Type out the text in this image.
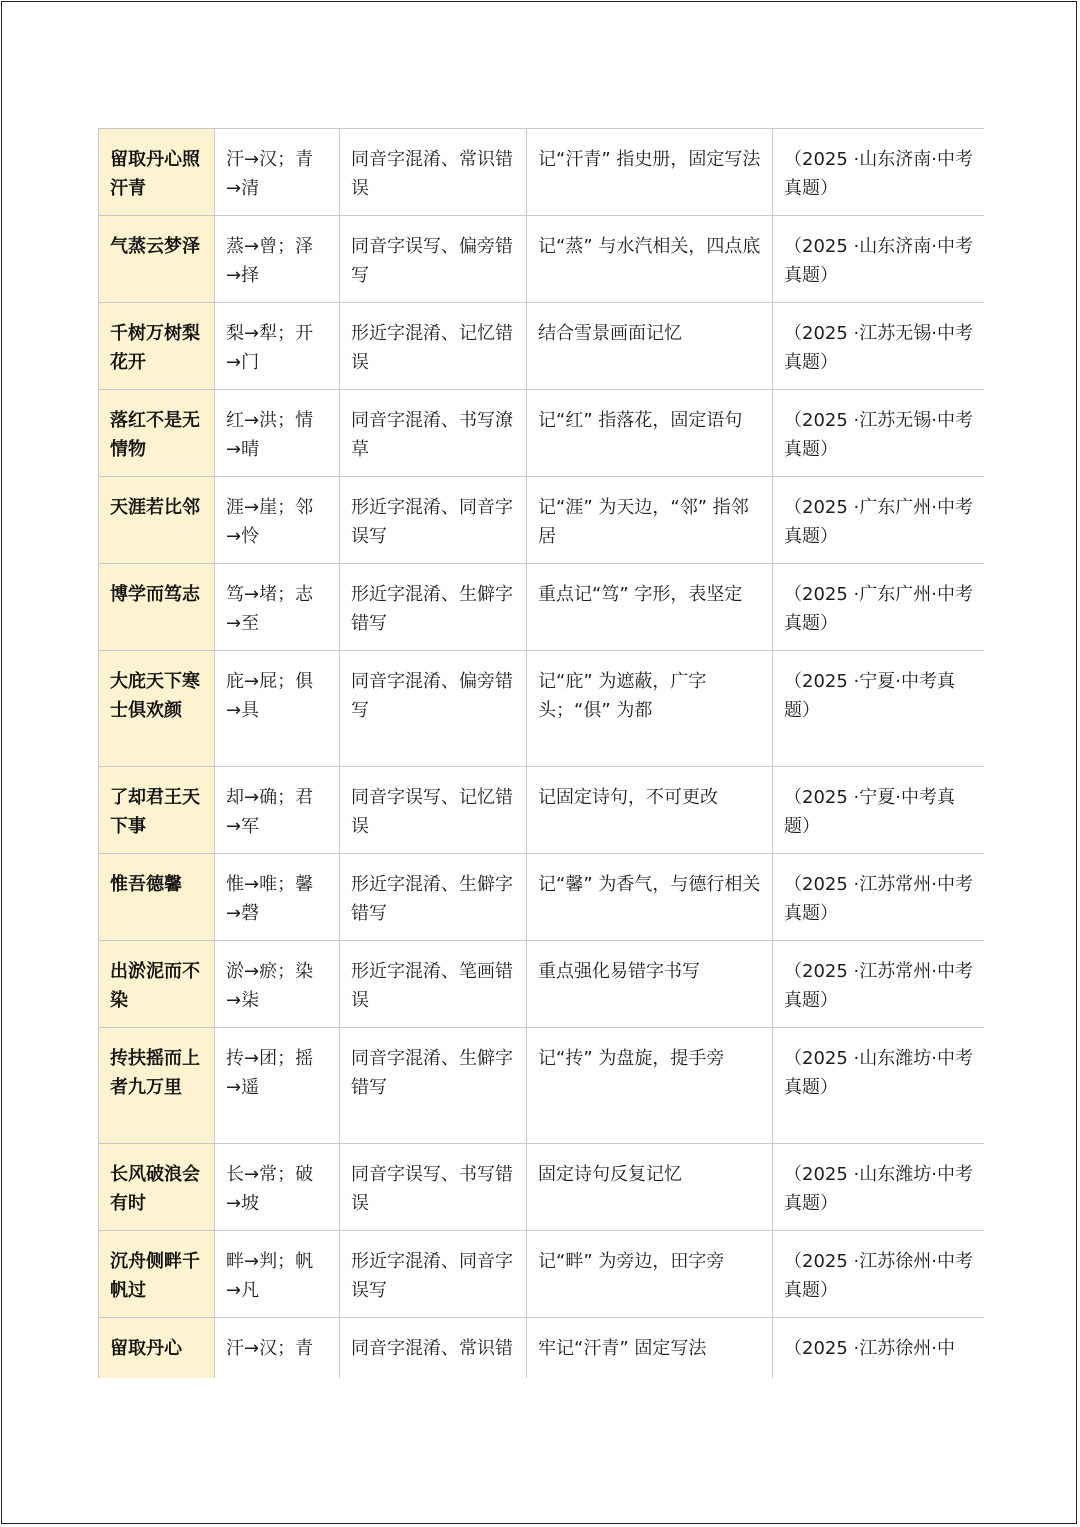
留取丹心照汗青	汗→汉；青→清	同音字混淆、常识错误	记“汗青” 指史册，固定写法	（2025 ·山东济南·中考真题）
气蒸云梦泽	蒸→曾；泽→择	同音字误写、偏旁错写	记“蒸” 与水汽相关，四点底	（2025 ·山东济南·中考真题）
千树万树梨花开	梨→犁；开→门	形近字混淆、记忆错误	结合雪景画面记忆	（2025 ·江苏无锡·中考真题）
落红不是无情物	红→洪；情→晴	同音字混淆、书写潦草	记“红” 指落花，固定语句	（2025 ·江苏无锡·中考真题）
天涯若比邻	涯→崖；邻→怜	形近字混淆、同音字误写	记“涯” 为天边，“邻” 指邻居	（2025 ·广东广州·中考真题）
博学而笃志	笃→堵；志→至	形近字混淆、生僻字错写	重点记“笃” 字形，表坚定	（2025 ·广东广州·中考真题）
大庇天下寒士俱欢颜	庇→屁；俱→具	同音字混淆、偏旁错写	记“庇” 为遮蔽，广字头；“俱” 为都	（2025 ·宁夏·中考真题）
了却君王天下事	却→确；君→军	同音字误写、记忆错误	记固定诗句，不可更改	（2025 ·宁夏·中考真题）
惟吾德馨	惟→唯；馨→磬	形近字混淆、生僻字错写	记“馨” 为香气，与德行相关	（2025 ·江苏常州·中考真题）
出淤泥而不染	淤→瘀；染→柒	形近字混淆、笔画错误	重点强化易错字书写	（2025 ·江苏常州·中考真题）
抟扶摇而上者九万里	抟→团；摇→遥	同音字混淆、生僻字错写	记“抟” 为盘旋，提手旁	（2025 ·山东潍坊·中考真题）
长风破浪会有时	长→常；破→坡	同音字误写、书写错误	固定诗句反复记忆	（2025 ·山东潍坊·中考真题）
沉舟侧畔千帆过	畔→判；帆→凡	形近字混淆、同音字误写	记“畔” 为旁边，田字旁	（2025 ·江苏徐州·中考真题）
留取丹心	汗→汉；青	同音字混淆、常识错	牢记“汗青” 固定写法	（2025 ·江苏徐州·中
